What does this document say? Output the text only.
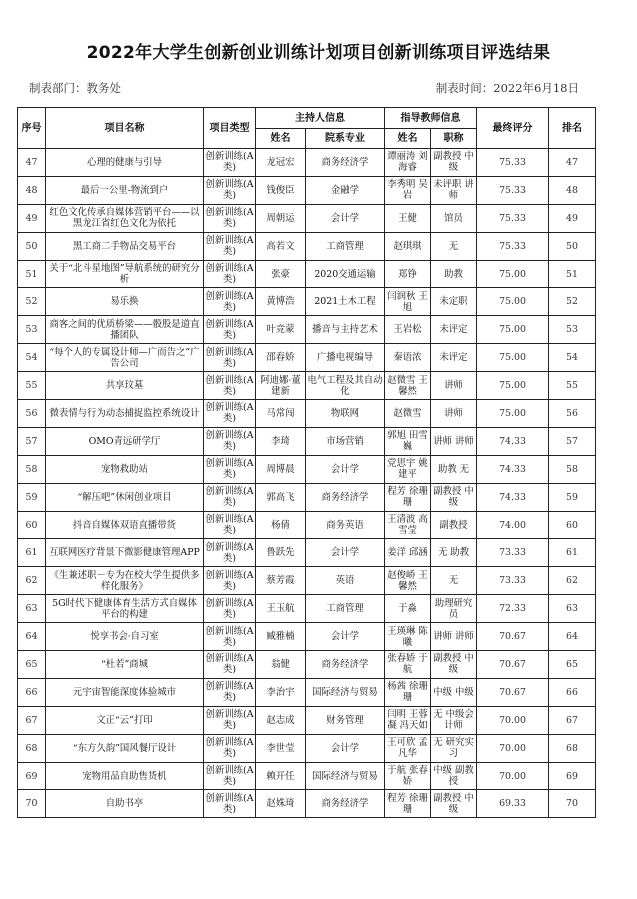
2022年大学生创新创业训练计划项目创新训练项目评选结果
制表部门：教务处	制表时间：2022年6月18日
序号	项目名称	项目类型	主持人信息		指导教师信息		最终评分	排名
			姓名	院系专业	姓名	职称		
47	心理的健康与引导	创新训练(A类)	龙冠宏	商务经济学	谭丽涛 刘海睿	副教授 中级	75.33	47
48	最后一公里-物流到户	创新训练(A类)	钱俊臣	金融学	李秀明 吴岩	未评职 讲师	75.33	48
49	红色文化传承自媒体营销平台——以黑龙江省红色文化为依托	创新训练(A类)	周朝运	会计学	王健	馆员	75.33	49
50	黑工商二手物品交易平台	创新训练(A类)	高若文	工商管理	赵琪琪	无	75.33	50
51	关于“北斗星地图”导航系统的研究分析	创新训练(A类)	张豪	2020交通运输	郑铮	助教	75.00	51
52	易乐换	创新训练(A类)	黄博浩	2021土木工程	闫润秋 王旭	未定职	75.00	52
53	商客之间的优质桥梁——骰股是道直播团队	创新训练(A类)	叶竞蒙	播音与主持艺术	王岩松	未评定	75.00	53
54	“每个人的专属设计师—广而告之”广告公司	创新训练(A类)	邵春娇	广播电视编导	秦语浓	未评定	75.00	54
55	共享玟墓	创新训练(A类)	阿迪娜·董建新	电气工程及其自动化	赵微雪 王馨然	讲师	75.00	55
56	微表情与行为动态捕捉监控系统设计	创新训练(A类)	马常闯	物联网	赵微雪	讲师	75.00	56
57	OMO青远研学厅	创新训练(A类)	李琦	市场营销	郭旭 田雪巍	讲师 讲师	74.33	57
58	宠物救助站	创新训练(A类)	周博晨	会计学	党思宇 姚建平	助教 无	74.33	58
59	“解压吧”休闲创业项目	创新训练(A类)	郭高飞	商务经济学	程芳 徐珊珊	副教授 中级	74.33	59
60	抖音自媒体双语直播带货	创新训练(A类)	杨倩	商务英语	王清波 高雪莹	副教授	74.00	60
61	互联网医疗背景下微影健康管理APP	创新训练(A类)	鲁跃先	会计学	姜洋 邱涵	无 助教	73.33	61
62	《生兼述职－专为在校大学生提供多样化服务》	创新训练(A类)	蔡芳霞	英语	赵俊峤 王馨然	无	73.33	62
63	5G时代下健康体育生活方式自媒体平台的构建	创新训练(A类)	王玉航	工商管理	于淼	助理研究员	72.33	63
64	悦享书会·自习室	创新训练(A类)	臧雅楠	会计学	王瑛琳 陈曦	讲师 讲师	70.67	64
65	“杜若”商城	创新训练(A类)	翁健	商务经济学	张春娇 于航	副教授 中级	70.67	65
66	元宇宙智能深度体验城市	创新训练(A类)	李治宇	国际经济与贸易	杨茜 徐珊珊	中级 中级	70.67	66
67	文正“云”打印	创新训练(A类)	赵志成	财务管理	闫明 王蓉凝 冯天如	无 中级会计师	70.00	67
68	“东方久韵”国风餐厅设计	创新训练(A类)	李世莹	会计学	王可欣 孟凡华	无 研究实习	70.00	68
69	宠物用品自助售货机	创新训练(A类)	赖开任	国际经济与贸易	于航 张春娇	中级 副教授	70.00	69
70	自助书亭	创新训练(A类)	赵姝琦	商务经济学	程芳 徐珊珊	副教授 中级	69.33	70
